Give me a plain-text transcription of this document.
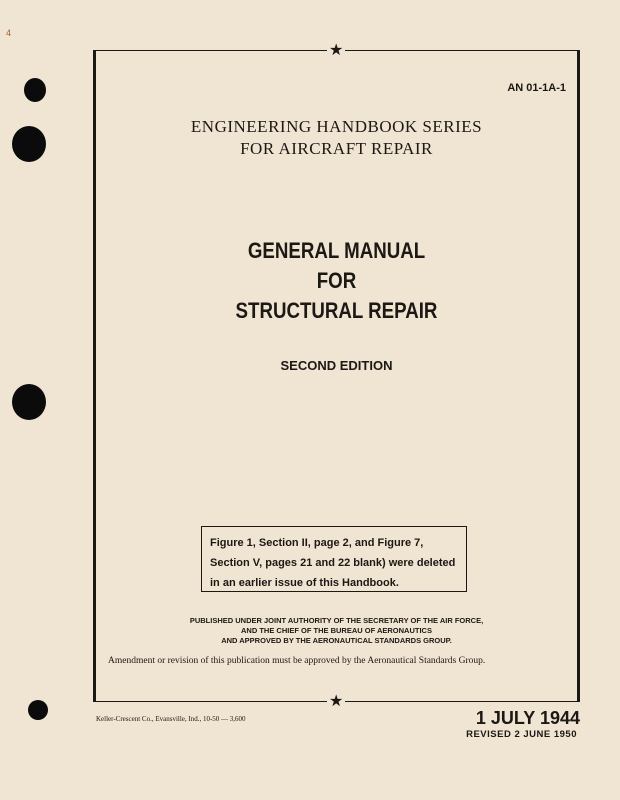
4
★
★
AN 01-1A-1
ENGINEERING HANDBOOK SERIES
FOR AIRCRAFT REPAIR
GENERAL MANUAL
FOR
STRUCTURAL REPAIR
SECOND EDITION
Figure 1, Section II, page 2, and Figure 7, Section V, pages 21 and 22 blank) were deleted in an earlier issue of this Handbook.
PUBLISHED UNDER JOINT AUTHORITY OF THE SECRETARY OF THE AIR FORCE,
AND THE CHIEF OF THE BUREAU OF AERONAUTICS
AND APPROVED BY THE AERONAUTICAL STANDARDS GROUP.
Amendment or revision of this publication must be approved by the Aeronautical Standards Group.
Keller-Crescent Co., Evansville, Ind., 10-50 — 3,600	1 JULY 1944
REVISED 2 JUNE 1950
